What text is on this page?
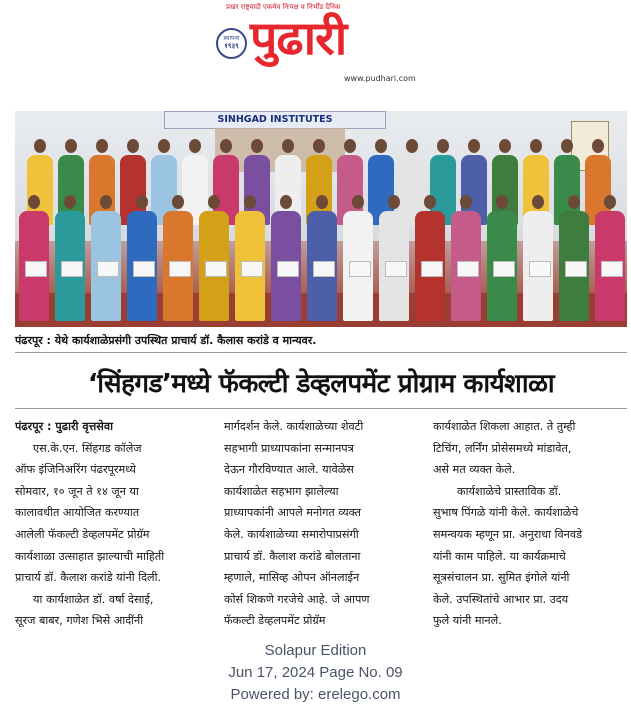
प्रखर राष्ट्रवादी एकमेव निःपक्ष व निर्भीड दैनिक
स्थापना
१९३९ पुढारी
www.pudhari.com
SINHGAD INSTITUTES
पंढरपूर : येथे कार्यशाळेप्रसंगी उपस्थित प्राचार्य डॉ. कैलास करांडे व मान्यवर.
‘सिंहगड’मध्ये फॅकल्टी डेव्हलपमेंट प्रोग्राम कार्यशाळा
पंढरपूर : पुढारी वृत्तसेवा
एस.के.एन. सिंहगड कॉलेज
ऑफ इंजिनिअरिंग पंढरपूरमध्ये
सोमवार, १० जून ते १४ जून या
कालावधीत आयोजित करण्यात
आलेली फॅकल्टी डेव्हलपमेंट प्रोग्रॅम
कार्यशाळा उत्साहात झाल्याची माहिती
प्राचार्य डॉ. कैलाश करांडे यांनी दिली.
या कार्यशाळेत डॉ. वर्षा देसाई,
सूरज बाबर, गणेश भिसे आदींनी
मार्गदर्शन केले. कार्यशाळेच्या शेवटी
सहभागी प्राध्यापकांना सन्मानपत्र
देऊन गौरविण्यात आले. यावेळेस
कार्यशाळेत सहभाग झालेल्या
प्राध्यापकांनी आपले मनोगत व्यक्त
केले. कार्यशाळेच्या समारोपाप्रसंगी
प्राचार्य डॉ. कैलाश करांडे बोलताना
म्हणाले, मासिव्ह ओपन ऑनलाईन
कोर्स शिकणे गरजेचे आहे. जे आपण
फॅकल्टी डेव्हलपमेंट प्रोग्रॅम
कार्यशाळेत शिकला आहात. ते तुम्ही
टिचिंग, लर्निंग प्रोसेसमध्ये मांडावेत,
असे मत व्यक्त केले.
कार्यशाळेचे प्रास्ताविक डॉ.
सुभाष पिंगळे यांनी केले. कार्यशाळेचे
समन्वयक म्हणून प्रा. अनुराधा विनवडे
यांनी काम पाहिले. या कार्यक्रमाचे
सूत्रसंचालन प्रा. सुमित इंगोले यांनी
केले. उपस्थितांचे आभार प्रा. उदय
फुले यांनी मानले.
Solapur Edition
Jun 17, 2024 Page No. 09
Powered by: erelego.com
